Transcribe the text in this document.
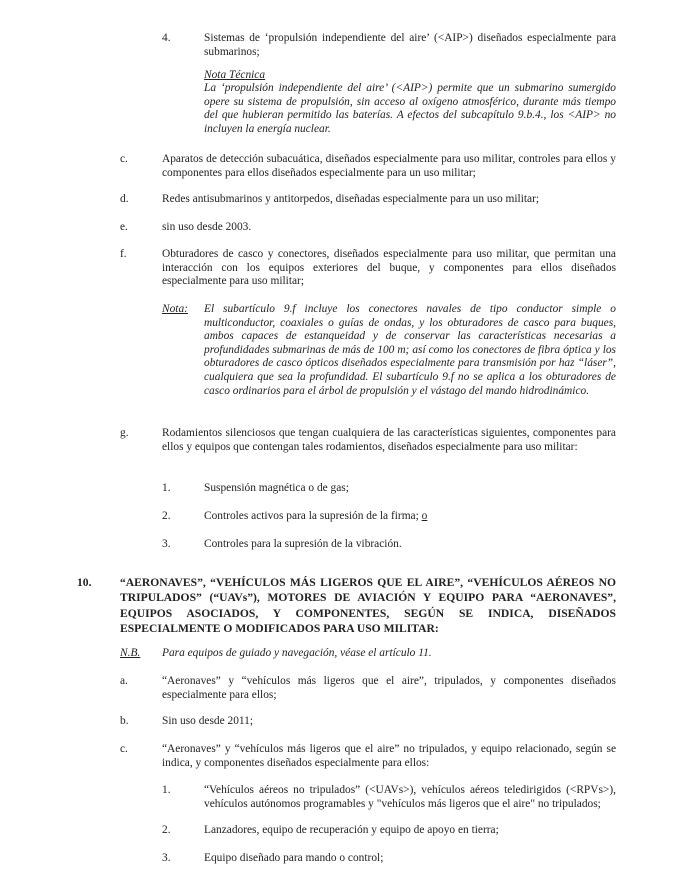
4.	Sistemas de ‘propulsión independiente del aire’ (<AIP>) diseñados especialmente para submarinos;
Nota Técnica
La ‘propulsión independiente del aire’ (<AIP>) permite que un submarino sumergido opere su sistema de propulsión, sin acceso al oxígeno atmosférico, durante más tiempo del que hubieran permitido las baterías. A efectos del subcapítulo 9.b.4., los <AIP> no incluyen la energía nuclear.
c.	Aparatos de detección subacuática, diseñados especialmente para uso militar, controles para ellos y componentes para ellos diseñados especialmente para un uso militar;
d.	Redes antisubmarinos y antitorpedos, diseñadas especialmente para un uso militar;
e.	sin uso desde 2003.
f.	Obturadores de casco y conectores, diseñados especialmente para uso militar, que permitan una interacción con los equipos exteriores del buque, y componentes para ellos diseñados especialmente para uso militar;
Nota: El subartículo 9.f incluye los conectores navales de tipo conductor simple o multiconductor, coaxiales o guías de ondas, y los obturadores de casco para buques, ambos capaces de estanqueidad y de conservar las características necesarias a profundidades submarinas de más de 100 m; así como los conectores de fibra óptica y los obturadores de casco ópticos diseñados especialmente para transmisión por haz “láser”, cualquiera que sea la profundidad. El subartículo 9.f no se aplica a los obturadores de casco ordinarios para el árbol de propulsión y el vástago del mando hidrodinámico.
g.	Rodamientos silenciosos que tengan cualquiera de las características siguientes, componentes para ellos y equipos que contengan tales rodamientos, diseñados especialmente para uso militar:
1.	Suspensión magnética o de gas;
2.	Controles activos para la supresión de la firma; o
3.	Controles para la supresión de la vibración.
10. “AERONAVES”, “VEHÍCULOS MÁS LIGEROS QUE EL AIRE”, “VEHÍCULOS AÉREOS NO TRIPULADOS” (“UAVs”), MOTORES DE AVIACIÓN Y EQUIPO PARA “AERONAVES”, EQUIPOS ASOCIADOS, Y COMPONENTES, SEGÚN SE INDICA, DISEÑADOS ESPECIALMENTE O MODIFICADOS PARA USO MILITAR:
N.B. Para equipos de guiado y navegación, véase el artículo 11.
a.	“Aeronaves” y “vehículos más ligeros que el aire”, tripulados, y componentes diseñados especialmente para ellos;
b.	Sin uso desde 2011;
c.	“Aeronaves” y “vehículos más ligeros que el aire” no tripulados, y equipo relacionado, según se indica, y componentes diseñados especialmente para ellos:
1.	“Vehículos aéreos no tripulados” (<UAVs>), vehículos aéreos teledirigidos (<RPVs>), vehículos autónomos programables y "vehículos más ligeros que el aire" no tripulados;
2.	Lanzadores, equipo de recuperación y equipo de apoyo en tierra;
3.	Equipo diseñado para mando o control;
